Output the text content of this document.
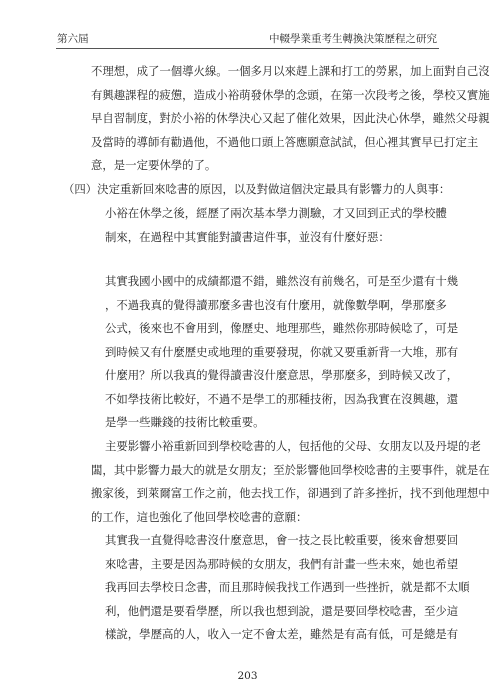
第六屆	中輟學業重考生轉換決策歷程之研究
不理想，成了一個導火線。一個多月以來趕上課和打工的勞累，加上面對自己沒
有興趣課程的疲憊，造成小裕萌發休學的念頭，在第一次段考之後，學校又實施
早自習制度，對於小裕的休學決心又起了催化效果，因此決心休學，雖然父母親
及當時的導師有勸過他，不過他口頭上答應願意試試，但心裡其實早已打定主
意，是一定要休學的了。
（四）決定重新回來唸書的原因，以及對做這個決定最具有影響力的人與事：
小裕在休學之後，經歷了兩次基本學力測驗，才又回到正式的學校體
制來，在過程中其實能對讀書這件事，並沒有什麼好惡：
其實我國小國中的成績都還不錯，雖然沒有前幾名，可是至少還有十幾
，不過我真的覺得讀那麼多書也沒有什麼用，就像數學啊，學那麼多
公式，後來也不會用到，像歷史、地理那些，雖然你那時候唸了，可是
到時候又有什麼歷史或地理的重要發現，你就又要重新背一大堆，那有
什麼用？所以我真的覺得讀書沒什麼意思，學那麼多，到時候又改了，
不如學技術比較好，不過不是學工的那種技術，因為我實在沒興趣，還
是學一些賺錢的技術比較重要。
主要影響小裕重新回到學校唸書的人，包括他的父母、女朋友以及丹堤的老
闆，其中影響力最大的就是女朋友；至於影響他回學校唸書的主要事件，就是在
搬家後，到萊爾富工作之前，他去找工作，卻遇到了許多挫折，找不到他理想中
的工作，這也強化了他回學校唸書的意願：
其實我一直覺得唸書沒什麼意思，會一技之長比較重要，後來會想要回
來唸書，主要是因為那時候的女朋友，我們有計畫一些未來，她也希望
我再回去學校日念書，而且那時候我找工作遇到一些挫折，就是都不太順
利，他們還是要看學歷，所以我也想到說，還是要回學校唸書，至少這
樣說，學歷高的人，收入一定不會太差，雖然是有高有低，可是總是有
203
